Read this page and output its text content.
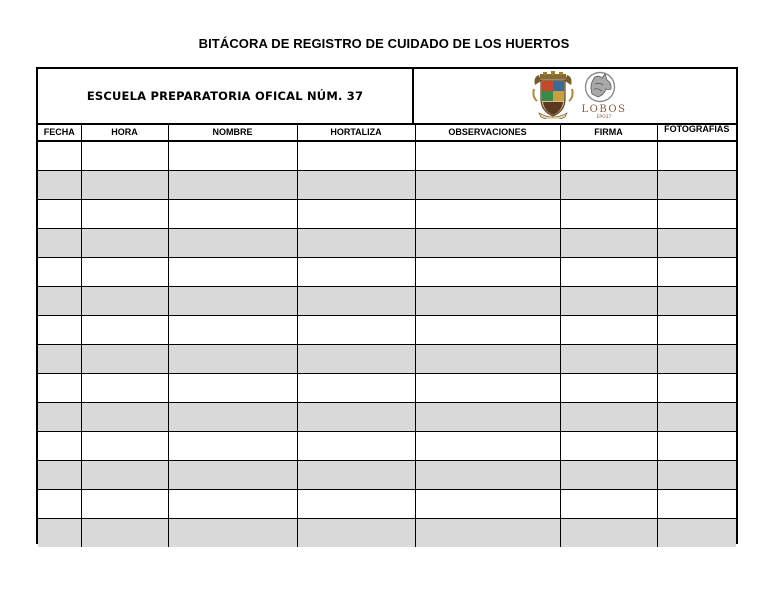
BITÁCORA DE REGISTRO DE CUIDADO DE LOS HUERTOS
ESCUELA PREPARATORIA OFICAL NÚM. 37
LOBOS
EPO37
FECHA	HORA	NOMBRE	HORTALIZA	OBSERVACIONES	FIRMA	FOTOGRAFIAS
